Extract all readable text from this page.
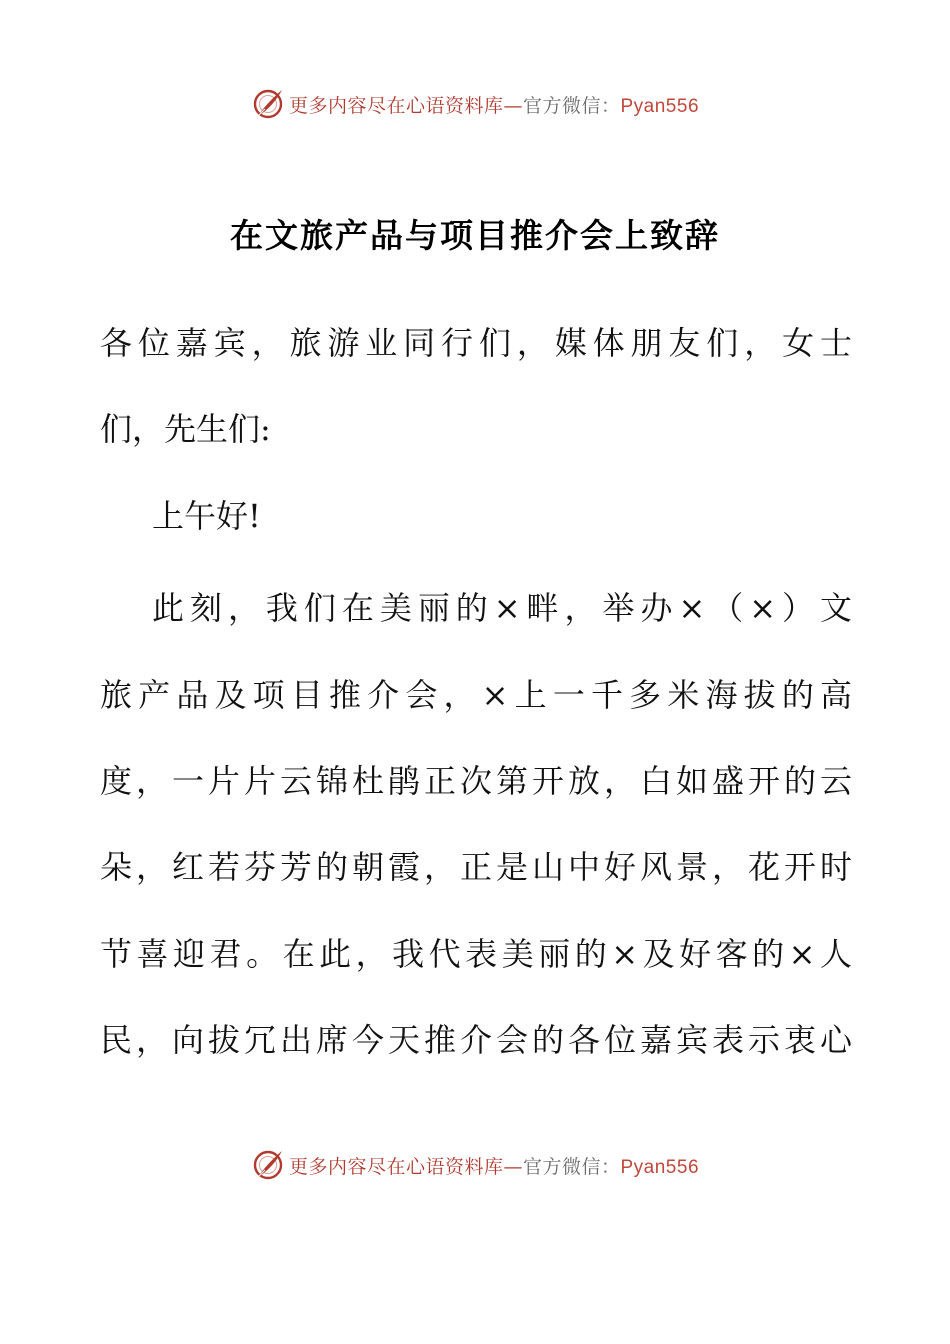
更多内容尽在心语资料库—官方微信：Pyan556
在文旅产品与项目推介会上致辞
各位嘉宾，旅游业同行们，媒体朋友们，女士
们，先生们:
上午好!
此刻，我们在美丽的×畔，举办×（×）文
旅产品及项目推介会，×上一千多米海拔的高
度，一片片云锦杜鹃正次第开放，白如盛开的云
朵，红若芬芳的朝霞，正是山中好风景，花开时
节喜迎君。在此，我代表美丽的×及好客的×人
民，向拔冗出席今天推介会的各位嘉宾表示衷心
更多内容尽在心语资料库—官方微信：Pyan556
